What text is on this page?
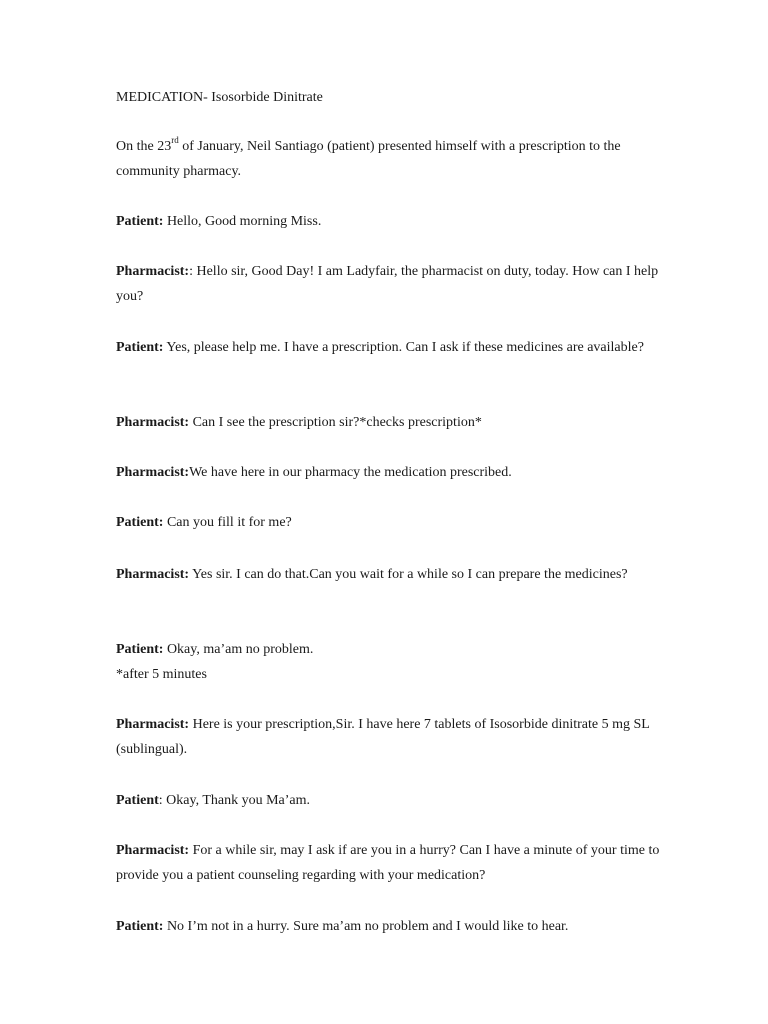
MEDICATION- Isosorbide Dinitrate

On the 23rd of January, Neil Santiago (patient) presented himself with a prescription to the community pharmacy.

Patient: Hello, Good morning Miss.

Pharmacist:: Hello sir, Good Day! I am Ladyfair, the pharmacist on duty, today. How can I help you?

Patient: Yes, please help me. I have a prescription. Can I ask if these medicines are available?

Pharmacist: Can I see the prescription sir?*checks prescription*

Pharmacist:We have here in our pharmacy the medication prescribed.

Patient: Can you fill it for me?

Pharmacist: Yes sir. I can do that.Can you wait for a while so I can prepare the medicines?

Patient: Okay, ma’am no problem.
*after 5 minutes

Pharmacist: Here is your prescription,Sir. I have here 7 tablets of Isosorbide dinitrate 5 mg SL (sublingual).

Patient: Okay, Thank you Ma’am.

Pharmacist: For a while sir, may I ask if are you in a hurry? Can I have a minute of your time to provide you a patient counseling regarding with your medication?

Patient: No I’m not in a hurry. Sure ma’am no problem and I would like to hear.
